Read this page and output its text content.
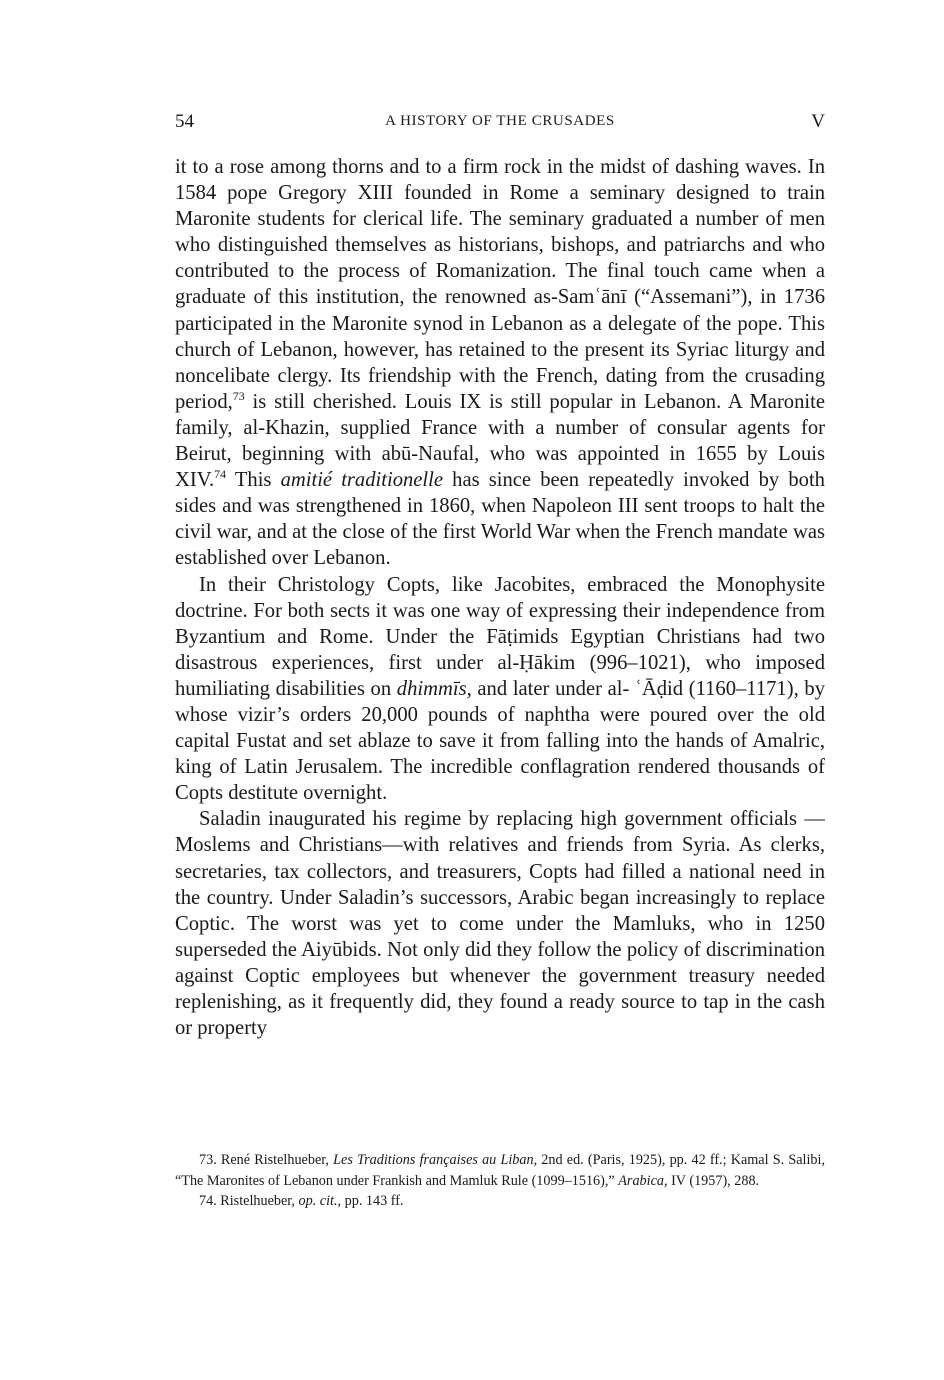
54	A HISTORY OF THE CRUSADES	V

it to a rose among thorns and to a firm rock in the midst of dashing waves. In 1584 pope Gregory XIII founded in Rome a seminary designed to train Maronite students for clerical life. The seminary graduated a number of men who distinguished themselves as historians, bishops, and patriarchs and who contributed to the process of Romanization. The final touch came when a graduate of this institution, the renowned as-Samʿānī (“Assemani”), in 1736 participated in the Maronite synod in Lebanon as a delegate of the pope. This church of Lebanon, however, has retained to the present its Syriac liturgy and noncelibate clergy. Its friendship with the French, dating from the crusading period,$^{73}$ is still cherished. Louis IX is still popular in Lebanon. A Maronite family, al-Khazin, supplied France with a number of consular agents for Beirut, beginning with abū-Naufal, who was appointed in 1655 by Louis XIV.$^{74}$ This amitié traditionelle has since been repeatedly invoked by both sides and was strengthened in 1860, when Napoleon III sent troops to halt the civil war, and at the close of the first World War when the French mandate was established over Lebanon.

In their Christology Copts, like Jacobites, embraced the Monophysite doctrine. For both sects it was one way of expressing their independence from Byzantium and Rome. Under the Fāṭimids Egyptian Christians had two disastrous experiences, first under al-Ḥākim (996–1021), who imposed humiliating disabilities on dhimmīs, and later under al- ʿĀḍid (1160–1171), by whose vizir’s orders 20,000 pounds of naphtha were poured over the old capital Fustat and set ablaze to save it from falling into the hands of Amalric, king of Latin Jerusalem. The incredible conflagration rendered thousands of Copts destitute overnight.

Saladin inaugurated his regime by replacing high government officials —Moslems and Christians—with relatives and friends from Syria. As clerks, secretaries, tax collectors, and treasurers, Copts had filled a national need in the country. Under Saladin’s successors, Arabic began increasingly to replace Coptic. The worst was yet to come under the Mamluks, who in 1250 superseded the Aiyūbids. Not only did they follow the policy of discrimination against Coptic employees but whenever the government treasury needed replenishing, as it frequently did, they found a ready source to tap in the cash or property

73. René Ristelhueber, Les Traditions françaises au Liban, 2nd ed. (Paris, 1925), pp. 42 ff.; Kamal S. Salibi, “The Maronites of Lebanon under Frankish and Mamluk Rule (1099–1516),” Arabica, IV (1957), 288.

74. Ristelhueber, op. cit., pp. 143 ff.
